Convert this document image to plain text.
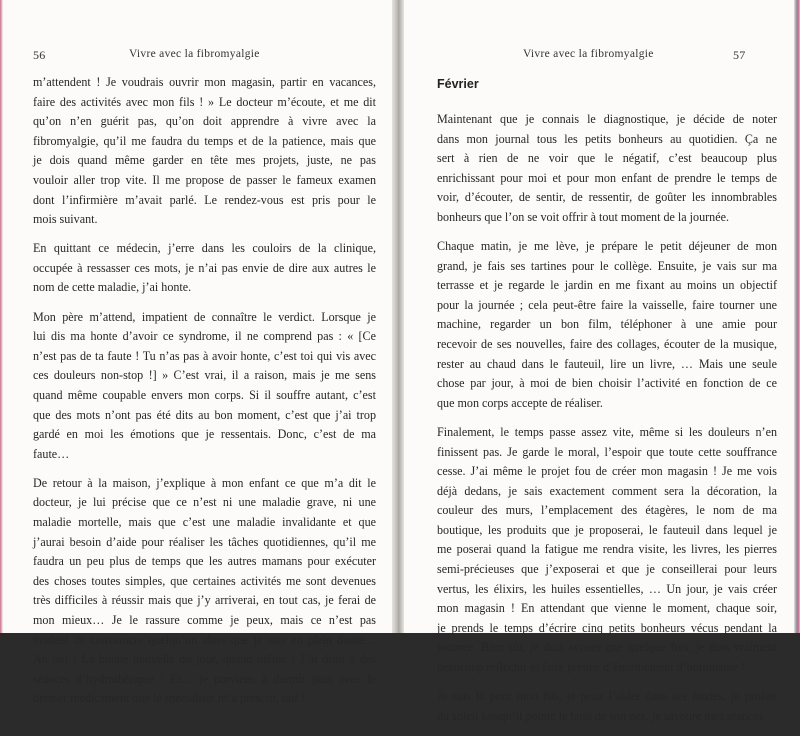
56	Vivre avec la fibromyalgie

m’attendent ! Je voudrais ouvrir mon magasin, partir en vacances,
faire des activités avec mon fils ! » Le docteur m’écoute, et me dit
qu’on n’en guérit pas, qu’on doit apprendre à vivre avec la
fibromyalgie, qu’il me faudra du temps et de la patience, mais que
je dois quand même garder en tête mes projets, juste, ne pas
vouloir aller trop vite. Il me propose de passer le fameux examen
dont l’infirmière m’avait parlé. Le rendez-vous est pris pour le
mois suivant.

En quittant ce médecin, j’erre dans les couloirs de la clinique,
occupée à ressasser ces mots, je n’ai pas envie de dire aux autres le
nom de cette maladie, j’ai honte.

Mon père m’attend, impatient de connaître le verdict. Lorsque je
lui dis ma honte d’avoir ce syndrome, il ne comprend pas : « [Ce
n’est pas de ta faute ! Tu n’as pas à avoir honte, c’est toi qui vis avec
ces douleurs non-stop !] » C’est vrai, il a raison, mais je me sens
quand même coupable envers mon corps. Si il souffre autant, c’est
que des mots n’ont pas été dits au bon moment, c’est que j’ai trop
gardé en moi les émotions que je ressentais. Donc, c’est de ma
faute…

De retour à la maison, j’explique à mon enfant ce que m’a dit le
docteur, je lui précise que ce n’est ni une maladie grave, ni une
maladie mortelle, mais que c’est une maladie invalidante et que
j’aurai besoin d’aide pour réaliser les tâches quotidiennes, qu’il me
faudra un peu plus de temps que les autres mamans pour exécuter
des choses toutes simples, que certaines activités me sont devenues
très difficiles à réussir mais que j’y arriverai, en tout cas, je ferai de
mon mieux… Je le rassure comme je peux, mais ce n’est pas
évident de convaincre quelqu’un alors que je suis en plein doute…
Ah oui ! La bonne nouvelle du jour, quand même ! J’ai droit à des
séances d’hydrothérapie ! Et… je parviens à dormir plus avec le
dernier médicament que le spécialiste m’a prescrit, ouf !

Vivre avec la fibromyalgie	57
Février

Maintenant que je connais le diagnostique, je décide de noter
dans mon journal tous les petits bonheurs au quotidien. Ça ne
sert à rien de ne voir que le négatif, c’est beaucoup plus
enrichissant pour moi et pour mon enfant de prendre le temps de
voir, d’écouter, de sentir, de ressentir, de goûter les innombrables
bonheurs que l’on se voit offrir à tout moment de la journée.

Chaque matin, je me lève, je prépare le petit déjeuner de mon
grand, je fais ses tartines pour le collège. Ensuite, je vais sur ma
terrasse et je regarde le jardin en me fixant au moins un objectif
pour la journée ; cela peut-être faire la vaisselle, faire tourner une
machine, regarder un bon film, téléphoner à une amie pour
recevoir de ses nouvelles, faire des collages, écouter de la musique,
rester au chaud dans le fauteuil, lire un livre, … Mais une seule
chose par jour, à moi de bien choisir l’activité en fonction de ce
que mon corps accepte de réaliser.

Finalement, le temps passe assez vite, même si les douleurs n’en
finissent pas. Je garde le moral, l’espoir que toute cette souffrance
cesse. J’ai même le projet fou de créer mon magasin ! Je me vois
déjà dedans, je sais exactement comment sera la décoration, la
couleur des murs, l’emplacement des étagères, le nom de ma
boutique, les produits que je proposerai, le fauteuil dans lequel je
me poserai quand la fatigue me rendra visite, les livres, les pierres
semi-précieuses que j’exposerai et que je conseillerai pour leurs
vertus, les élixirs, les huiles essentielles, … Un jour, je vais créer
mon magasin ! En attendant que vienne le moment, chaque soir,
je prends le temps d’écrire cinq petits bonheurs vécus pendant la
journée. Bien sûr, je dois avouer que quelque fois, je dois vraiment
beaucoup réfléchir et faire preuve d’énormément d’optimisme !

Je suis là pour mon fils, je peux l’aider dans ses études, je profite
du soleil lorsqu’il pointe le bout de son nez, je savoure mes séances
